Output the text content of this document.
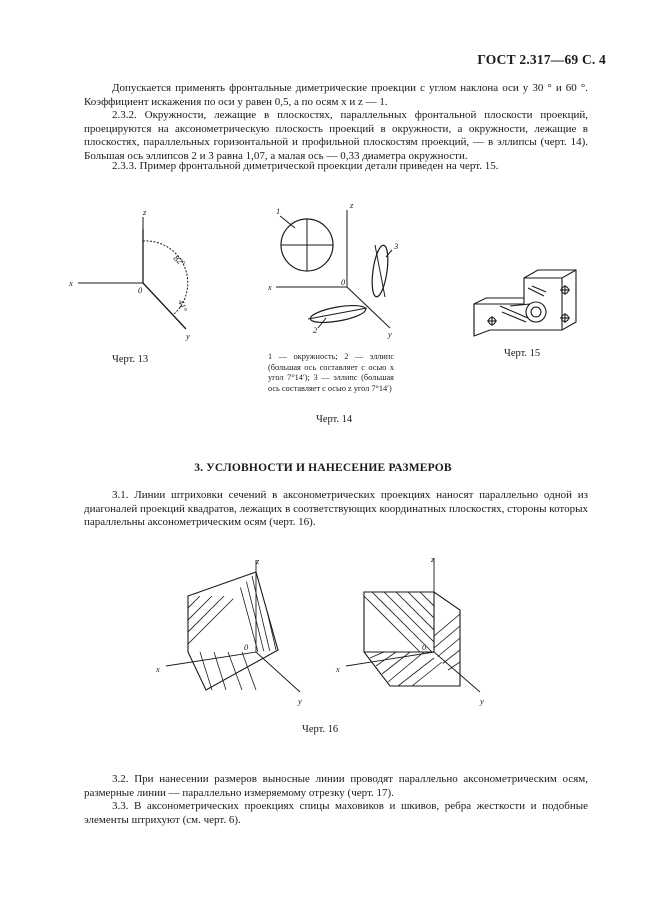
ГОСТ 2.317—69 С. 4

Допускается применять фронтальные диметрические проекции с углом наклона оси y 30 ° и 60 °. Коэффициент искажения по оси y равен 0,5, а по осям x и z — 1.

2.3.2. Окружности, лежащие в плоскостях, параллельных фронтальной плоскости проекций, проецируются на аксонометрическую плоскость проекций в окружности, а окружности, лежащие в плоскостях, параллельных горизонтальной и профильной плоскостям проекций, — в эллипсы (черт. 14). Большая ось эллипсов 2 и 3 равна 1,07, а малая ось — 0,33 диаметра окружности.

2.3.3. Пример фронтальной диметрической проекции детали приведен на черт. 15.

z
x
y
0
82°
41°
Черт. 13
z
x
y
0
1
3
2
1 — окружность; 2 — эллипс (большая ось составляет с осью x угол 7°14′); 3 — эллипс (большая ось составляет с осью z угол 7°14′)
Черт. 14
Черт. 15
3. УСЛОВНОСТИ И НАНЕСЕНИЕ РАЗМЕРОВ

3.1. Линии штриховки сечений в аксонометрических проекциях наносят параллельно одной из диагоналей проекций квадратов, лежащих в соответствующих координатных плоскостях, стороны которых параллельны аксонометрическим осям (черт. 16).

z
x
y
0
z
x
y
0
Черт. 16

3.2. При нанесении размеров выносные линии проводят параллельно аксонометрическим осям, размерные линии — параллельно измеряемому отрезку (черт. 17).

3.3. В аксонометрических проекциях спицы маховиков и шкивов, ребра жесткости и подобные элементы штрихуют (см. черт. 6).
